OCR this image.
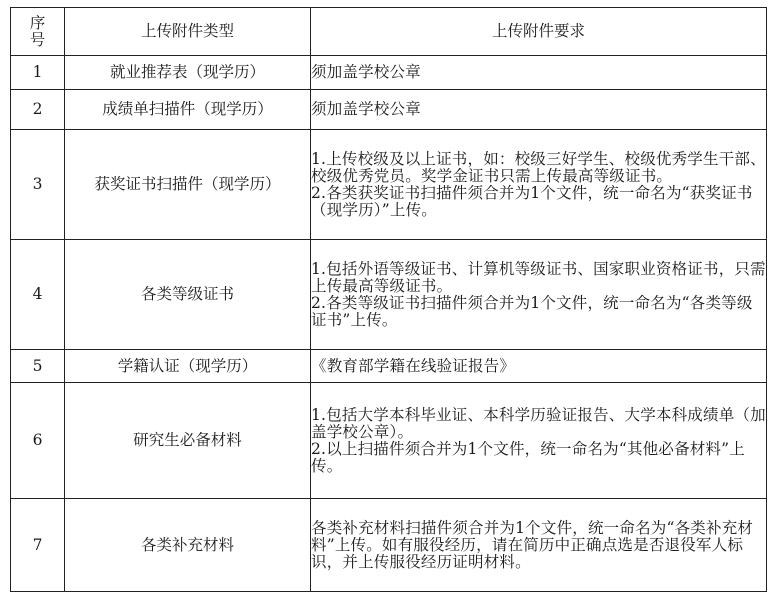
序号	上传附件类型	上传附件要求
1	就业推荐表（现学历）	须加盖学校公章

2	成绩单扫描件（现学历）	须加盖学校公章

3	获奖证书扫描件（现学历）	1.上传校级及以上证书，如：校级三好学生、校级优秀学生干部、校级优秀党员。奖学金证书只需上传最高等级证书。
2.各类获奖证书扫描件须合并为1个文件，统一命名为“获奖证书（现学历）”上传。

4	各类等级证书	1.包括外语等级证书、计算机等级证书、国家职业资格证书，只需上传最高等级证书。
2.各类等级证书扫描件须合并为1个文件，统一命名为“各类等级证书”上传。

5	学籍认证（现学历）	《教育部学籍在线验证报告》

6	研究生必备材料	1.包括大学本科毕业证、本科学历验证报告、大学本科成绩单（加盖学校公章）。
2.以上扫描件须合并为1个文件，统一命名为“其他必备材料”上传。

7	各类补充材料	各类补充材料扫描件须合并为1个文件，统一命名为“各类补充材料”上传。如有服役经历，请在简历中正确点选是否退役军人标识，并上传服役经历证明材料。
